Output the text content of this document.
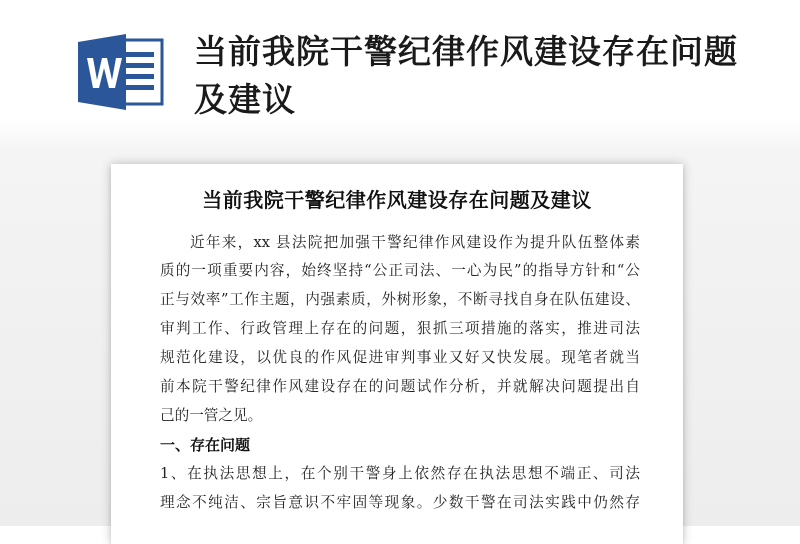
当前我院干警纪律作风建设存在问题及建议
当前我院干警纪律作风建设存在问题及建议
近年来，xx 县法院把加强干警纪律作风建设作为提升队伍整体素
质的一项重要内容，始终坚持“公正司法、一心为民”的指导方针和“公
正与效率”工作主题，内强素质，外树形象，不断寻找自身在队伍建设、
审判工作、行政管理上存在的问题，狠抓三项措施的落实，推进司法
规范化建设，以优良的作风促进审判事业又好又快发展。现笔者就当
前本院干警纪律作风建设存在的问题试作分析，并就解决问题提出自
己的一管之见。
一、存在问题
1、在执法思想上，在个别干警身上依然存在执法思想不端正、司法
理念不纯洁、宗旨意识不牢固等现象。少数干警在司法实践中仍然存
